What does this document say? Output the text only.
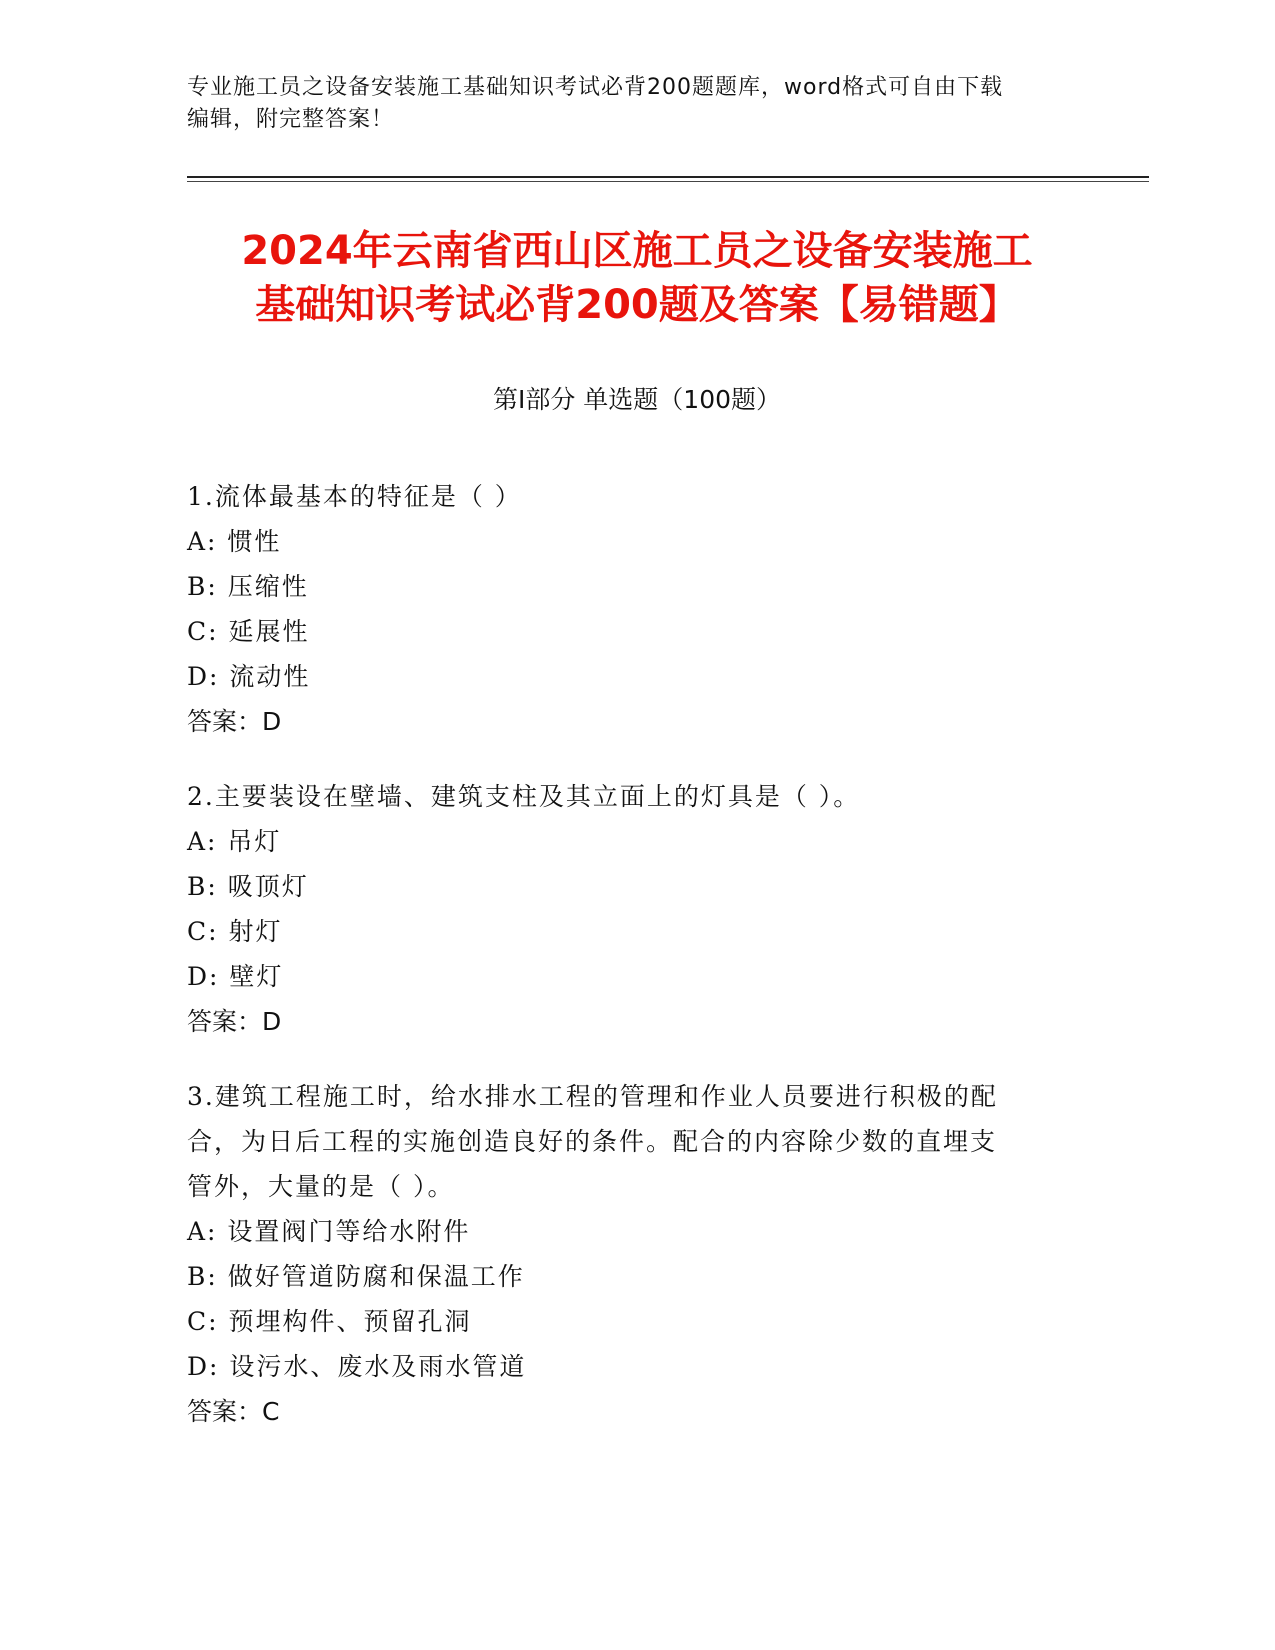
专业施工员之设备安装施工基础知识考试必背200题题库，word格式可自由下载
编辑，附完整答案！
2024年云南省西山区施工员之设备安装施工
基础知识考试必背200题及答案【易错题】
第Ⅰ部分 单选题（100题）
1.流体最基本的特征是（ ）
A: 惯性
B: 压缩性
C: 延展性
D: 流动性
答案：D
2.主要装设在壁墙、建筑支柱及其立面上的灯具是（ ）。
A: 吊灯
B: 吸顶灯
C: 射灯
D: 壁灯
答案：D
3.建筑工程施工时，给水排水工程的管理和作业人员要进行积极的配
合，为日后工程的实施创造良好的条件。配合的内容除少数的直埋支
管外，大量的是（ ）。
A: 设置阀门等给水附件
B: 做好管道防腐和保温工作
C: 预埋构件、预留孔洞
D: 设污水、废水及雨水管道
答案：C
